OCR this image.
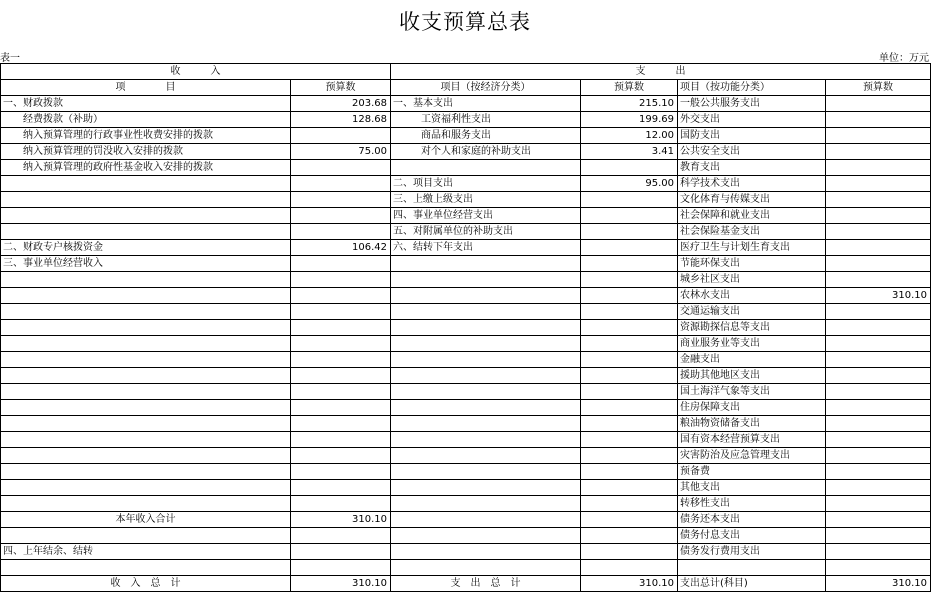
收支预算总表
表一	单位：万元
收　　　入		支　　　出			
项　　　　目	预算数	项目（按经济分类）	预算数	项目（按功能分类）	预算数
一、财政拨款	203.68	一、基本支出	215.10	一般公共服务支出	
经费拨款（补助）	128.68	工资福利性支出	199.69	外交支出	
纳入预算管理的行政事业性收费安排的拨款		商品和服务支出	12.00	国防支出	
纳入预算管理的罚没收入安排的拨款	75.00	对个人和家庭的补助支出	3.41	公共安全支出	
纳入预算管理的政府性基金收入安排的拨款				教育支出	
		二、项目支出	95.00	科学技术支出	
		三、上缴上级支出		文化体育与传媒支出	
		四、事业单位经营支出		社会保障和就业支出	
		五、对附属单位的补助支出		社会保险基金支出	
二、财政专户核拨资金	106.42	六、结转下年支出		医疗卫生与计划生育支出	
三、事业单位经营收入				节能环保支出	
				城乡社区支出	
				农林水支出	310.10
				交通运输支出	
				资源勘探信息等支出	
				商业服务业等支出	
				金融支出	
				援助其他地区支出	
				国土海洋气象等支出	
				住房保障支出	
				粮油物资储备支出	
				国有资本经营预算支出	
				灾害防治及应急管理支出	
				预备费	
				其他支出	
				转移性支出	
本年收入合计	310.10			债务还本支出	
				债务付息支出	
四、上年结余、结转				债务发行费用支出	

收　入　总　计	310.10	支　出　总　计	310.10	支出总计(科目)	310.10
